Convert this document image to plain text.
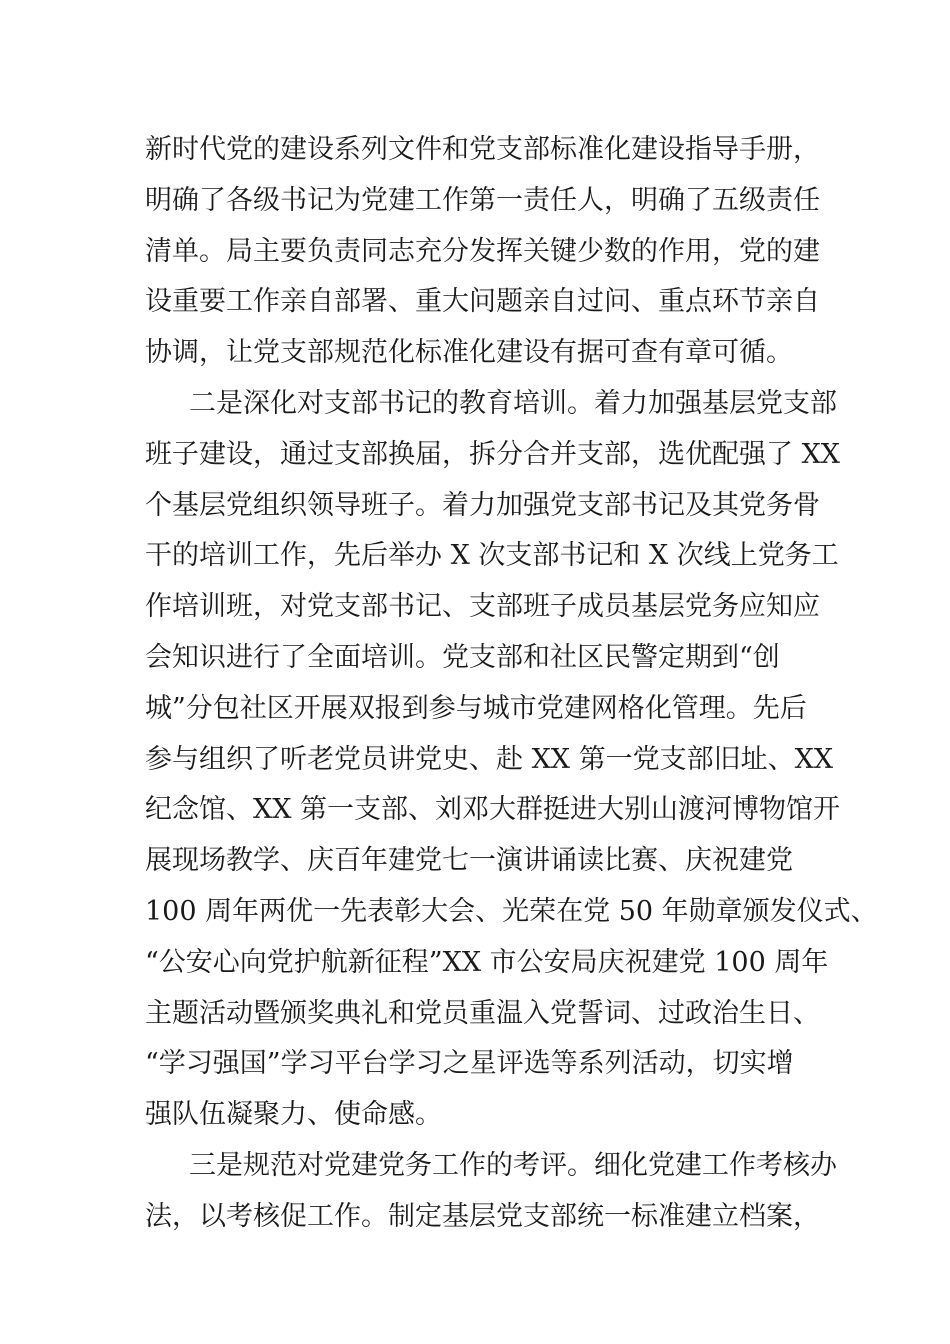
新时代党的建设系列文件和党支部标准化建设指导手册，
明确了各级书记为党建工作第一责任人，明确了五级责任
清单。局主要负责同志充分发挥关键少数的作用，党的建
设重要工作亲自部署、重大问题亲自过问、重点环节亲自
协调，让党支部规范化标准化建设有据可查有章可循。
二是深化对支部书记的教育培训。着力加强基层党支部
班子建设，通过支部换届，拆分合并支部，选优配强了 XX
个基层党组织领导班子。着力加强党支部书记及其党务骨
干的培训工作，先后举办 X 次支部书记和 X 次线上党务工
作培训班，对党支部书记、支部班子成员基层党务应知应
会知识进行了全面培训。党支部和社区民警定期到“创
城”分包社区开展双报到参与城市党建网格化管理。先后
参与组织了听老党员讲党史、赴 XX 第一党支部旧址、XX
纪念馆、XX 第一支部、刘邓大群挺进大别山渡河博物馆开
展现场教学、庆百年建党七一演讲诵读比赛、庆祝建党
100 周年两优一先表彰大会、光荣在党 50 年勋章颁发仪式、
“公安心向党护航新征程”XX 市公安局庆祝建党 100 周年
主题活动暨颁奖典礼和党员重温入党誓词、过政治生日、
“学习强国”学习平台学习之星评选等系列活动，切实增
强队伍凝聚力、使命感。
三是规范对党建党务工作的考评。细化党建工作考核办
法，以考核促工作。制定基层党支部统一标准建立档案，
